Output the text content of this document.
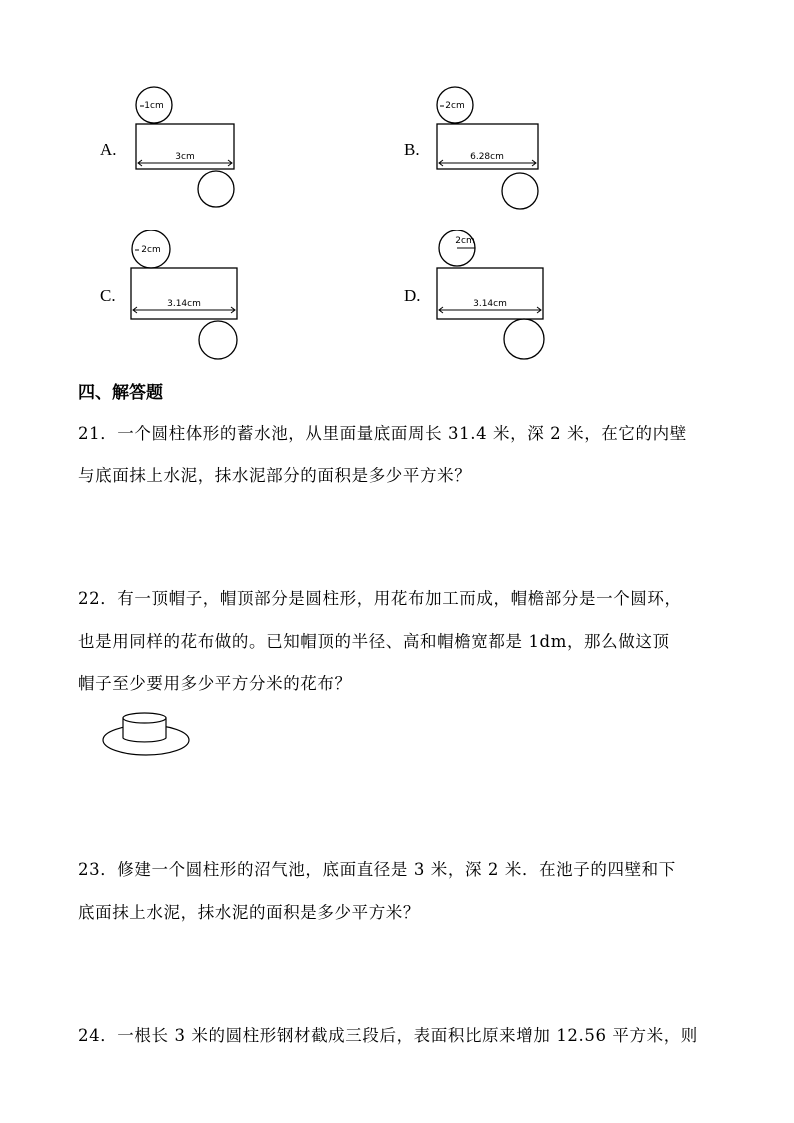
A.
1cm
3cm	B.
2cm
6.28cm
C.
2cm
3.14cm	D.
2cm
3.14cm
四、解答题
21．一个圆柱体形的蓄水池，从里面量底面周长 31.4 米，深 2 米，在它的内壁
与底面抹上水泥，抹水泥部分的面积是多少平方米？
22．有一顶帽子，帽顶部分是圆柱形，用花布加工而成，帽檐部分是一个圆环，
也是用同样的花布做的。已知帽顶的半径、高和帽檐宽都是 1dm，那么做这顶
帽子至少要用多少平方分米的花布？
23．修建一个圆柱形的沼气池，底面直径是 3 米，深 2 米．在池子的四壁和下
底面抹上水泥，抹水泥的面积是多少平方米？
24．一根长 3 米的圆柱形钢材截成三段后，表面积比原来增加 12.56 平方米，则
